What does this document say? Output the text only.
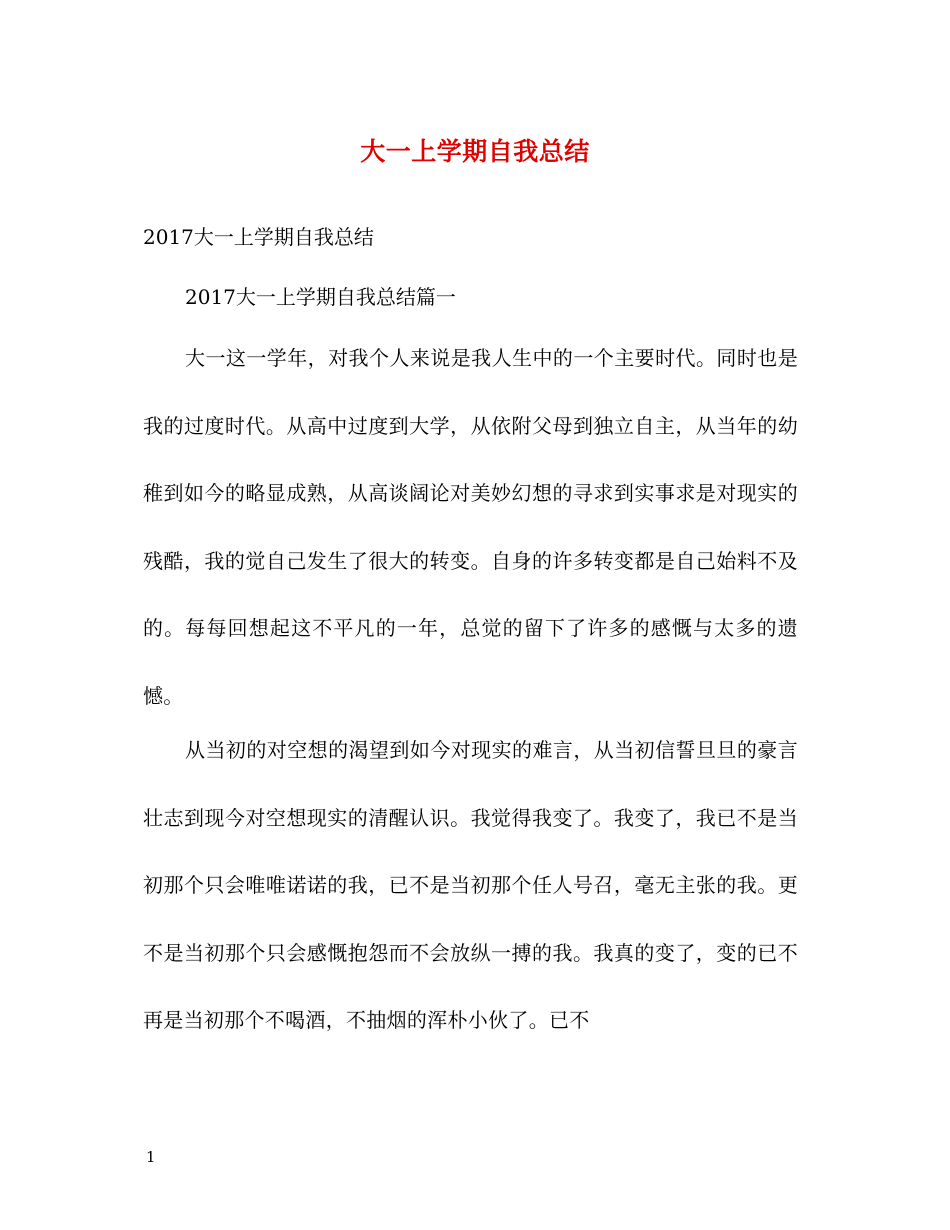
大一上学期自我总结
2017大一上学期自我总结
2017大一上学期自我总结篇一
大一这一学年，对我个人来说是我人生中的一个主要时代。同时也是我的过度时代。从高中过度到大学，从依附父母到独立自主，从当年的幼稚到如今的略显成熟，从高谈阔论对美妙幻想的寻求到实事求是对现实的残酷，我的觉自己发生了很大的转变。自身的许多转变都是自己始料不及的。每每回想起这不平凡的一年，总觉的留下了许多的感慨与太多的遗憾。
从当初的对空想的渴望到如今对现实的难言，从当初信誓旦旦的豪言壮志到现今对空想现实的清醒认识。我觉得我变了。我变了，我已不是当初那个只会唯唯诺诺的我，已不是当初那个任人号召，毫无主张的我。更不是当初那个只会感慨抱怨而不会放纵一搏的我。我真的变了，变的已不再是当初那个不喝酒，不抽烟的浑朴小伙了。已不
1
